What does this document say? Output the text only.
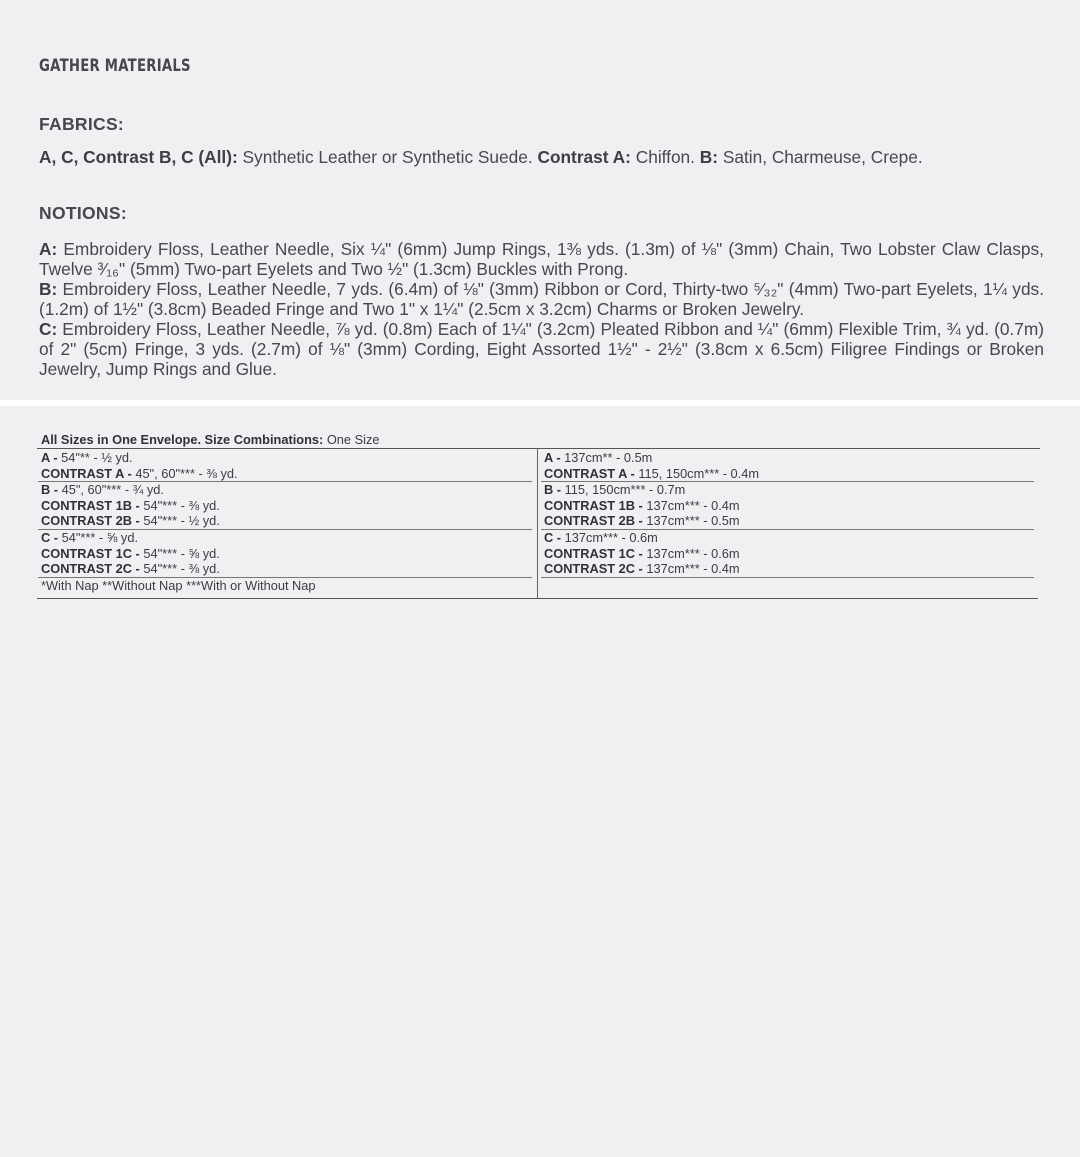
GATHER MATERIALS
FABRICS:
A, C, Contrast B, C (All): Synthetic Leather or Synthetic Suede. Contrast A: Chiffon. B: Satin, Charmeuse, Crepe.
NOTIONS:
A: Embroidery Floss, Leather Needle, Six ¼" (6mm) Jump Rings, 1⅜ yds. (1.3m) of ⅛" (3mm) Chain, Two Lobster Claw Clasps, Twelve ³⁄₁₆" (5mm) Two-part Eyelets and Two ½" (1.3cm) Buckles with Prong.
B: Embroidery Floss, Leather Needle, 7 yds. (6.4m) of ⅛" (3mm) Ribbon or Cord, Thirty-two ⁵⁄₃₂" (4mm) Two-part Eyelets, 1¼ yds. (1.2m) of 1½" (3.8cm) Beaded Fringe and Two 1" x 1¼" (2.5cm x 3.2cm) Charms or Broken Jewelry.
C: Embroidery Floss, Leather Needle, ⅞ yd. (0.8m) Each of 1¼" (3.2cm) Pleated Ribbon and ¼" (6mm) Flexible Trim, ¾ yd. (0.7m) of 2" (5cm) Fringe, 3 yds. (2.7m) of ⅛" (3mm) Cording, Eight Assorted 1½" - 2½" (3.8cm x 6.5cm) Filigree Findings or Broken Jewelry, Jump Rings and Glue.
All Sizes in One Envelope. Size Combinations: One Size
A - 54"** - ½ yd.
CONTRAST A - 45", 60"*** - ⅜ yd.
B - 45", 60"*** - ¾ yd.
CONTRAST 1B - 54"*** - ⅜ yd.
CONTRAST 2B - 54"*** - ½ yd.
C - 54"*** - ⅝ yd.
CONTRAST 1C - 54"*** - ⅝ yd.
CONTRAST 2C - 54"*** - ⅜ yd.
*With Nap **Without Nap ***With or Without Nap
A - 137cm** - 0.5m
CONTRAST A - 115, 150cm*** - 0.4m
B - 115, 150cm*** - 0.7m
CONTRAST 1B - 137cm*** - 0.4m
CONTRAST 2B - 137cm*** - 0.5m
C - 137cm*** - 0.6m
CONTRAST 1C - 137cm*** - 0.6m
CONTRAST 2C - 137cm*** - 0.4m
